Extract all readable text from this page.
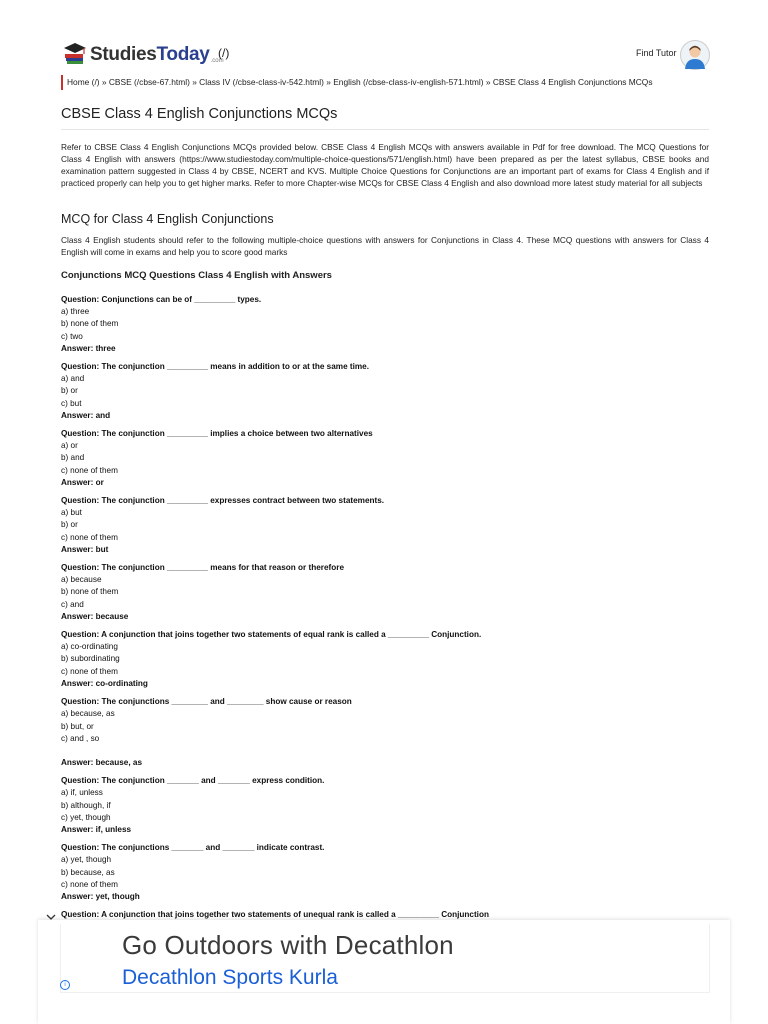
StudiesToday .com
(/)	Find Tutor
Home (/) » CBSE (/cbse-67.html) » Class IV (/cbse-class-iv-542.html) » English (/cbse-class-iv-english-571.html) » CBSE Class 4 English Conjunctions MCQs
CBSE Class 4 English Conjunctions MCQs

Refer to CBSE Class 4 English Conjunctions MCQs provided below. CBSE Class 4 English MCQs with answers available in Pdf for free download. The MCQ Questions for Class 4 English with answers (https://www.studiestoday.com/multiple-choice-questions/571/english.html) have been prepared as per the latest syllabus, CBSE books and examination pattern suggested in Class 4 by CBSE, NCERT and KVS. Multiple Choice Questions for Conjunctions are an important part of exams for Class 4 English and if practiced properly can help you to get higher marks. Refer to more Chapter-wise MCQs for CBSE Class 4 English and also download more latest study material for all subjects

MCQ for Class 4 English Conjunctions

Class 4 English students should refer to the following multiple-choice questions with answers for Conjunctions in Class 4. These MCQ questions with answers for Class 4 English will come in exams and help you to score good marks

Conjunctions MCQ Questions Class 4 English with Answers
Question: Conjunctions can be of _________ types.
a) three
b) none of them
c) two
Answer: three
Question: The conjunction _________ means in addition to or at the same time.
a) and
b) or
c) but
Answer: and
Question: The conjunction _________ implies a choice between two alternatives
a) or
b) and
c) none of them
Answer: or
Question: The conjunction _________ expresses contract between two statements.
a) but
b) or
c) none of them
Answer: but
Question: The conjunction _________ means for that reason or therefore
a) because
b) none of them
c) and
Answer: because
Question: A conjunction that joins together two statements of equal rank is called a _________ Conjunction.
a) co-ordinating
b) subordinating
c) none of them
Answer: co-ordinating
Question: The conjunctions ________ and ________ show cause or reason
a) because, as
b) but, or
c) and , so
Answer: because, as
Question: The conjunction _______ and _______ express condition.
a) if, unless
b) although, if
c) yet, though
Answer: if, unless
Question: The conjunctions _______ and _______ indicate contrast.
a) yet, though
b) because, as
c) none of them
Answer: yet, though
Question: A conjunction that joins together two statements of unequal rank is called a _________ Conjunction
Go Outdoors with Decathlon
Decathlon Sports Kurla
i
